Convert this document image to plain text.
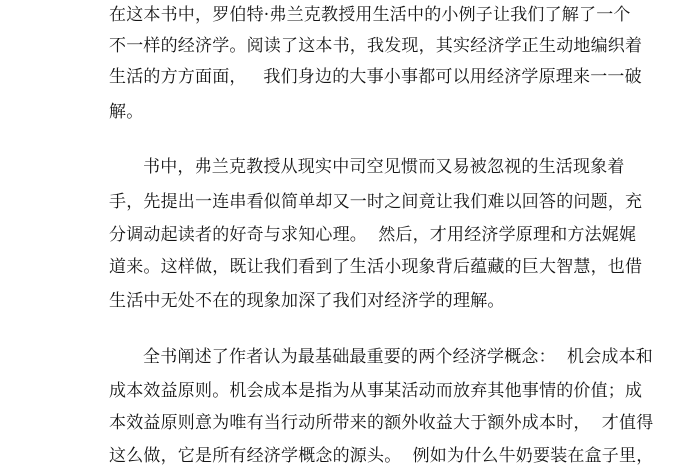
在这本书中，罗伯特·弗兰克教授用生活中的小例子让我们了解了一个

不一样的经济学。阅读了这本书，我发现，其实经济学正生动地编织着

生活的方方面面，   我们身边的大事小事都可以用经济学原理来一一破

解。

书中，弗兰克教授从现实中司空见惯而又易被忽视的生活现象着

手，先提出一连串看似简单却又一时之间竟让我们难以回答的问题，充

分调动起读者的好奇与求知心理。  然后，才用经济学原理和方法娓娓

道来。这样做，既让我们看到了生活小现象背后蕴藏的巨大智慧，也借

生活中无处不在的现象加深了我们对经济学的理解。

全书阐述了作者认为最基础最重要的两个经济学概念：  机会成本和

成本效益原则。机会成本是指为从事某活动而放弃其他事情的价值；成

本效益原则意为唯有当行动所带来的额外收益大于额外成本时，  才值得

这么做，它是所有经济学概念的源头。  例如为什么牛奶要装在盒子里，
